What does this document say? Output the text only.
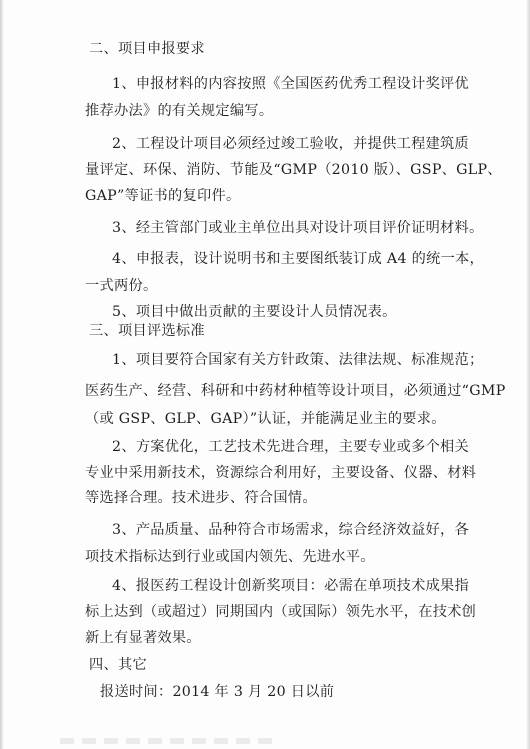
二、项目申报要求
1、申报材料的内容按照《全国医药优秀工程设计奖评优
推荐办法》的有关规定编写。
2、工程设计项目必须经过竣工验收，并提供工程建筑质
量评定、环保、消防、节能及“GMP（2010 版）、GSP、GLP、
GAP”等证书的复印件。
3、经主管部门或业主单位出具对设计项目评价证明材料。
4、申报表，设计说明书和主要图纸装订成 A4 的统一本，
一式两份。
5、项目中做出贡献的主要设计人员情况表。
三、项目评选标准
1、项目要符合国家有关方针政策、法律法规、标准规范；
医药生产、经营、科研和中药材种植等设计项目，必须通过“GMP
（或 GSP、GLP、GAP）”认证，并能满足业主的要求。
2、方案优化，工艺技术先进合理，主要专业或多个相关
专业中采用新技术，资源综合利用好，主要设备、仪器、材料
等选择合理。技术进步、符合国情。
3、产品质量、品种符合市场需求，综合经济效益好，各
项技术指标达到行业或国内领先、先进水平。
4、报医药工程设计创新奖项目：必需在单项技术成果指
标上达到（或超过）同期国内（或国际）领先水平，在技术创
新上有显著效果。
四、其它
报送时间：2014 年 3 月 20 日以前
